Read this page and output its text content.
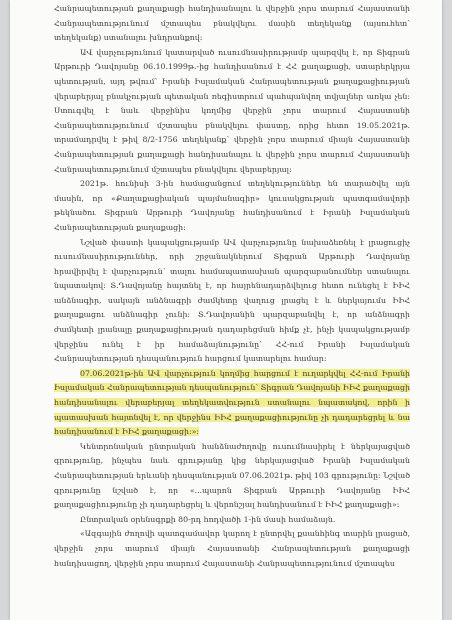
Հանրապետության քաղաքացի հանդիսանալու և վերջին չորս տարում Հայաստանի Հանրապետությունում մշտապես բնակվելու մասին տեղեկանք (այսուհետ՝ տեղեկանք) ստանալու խնդրանքով:

ԱՎ վարչությունում կատարված ուսումնասիրությամբ պարզվել է, որ Տիգրան Արթուրի Դավոյանը 06.10.1999թ.-ից հանդիսանում է ՀՀ քաղաքացի, ստարերկրյա պետության, այդ թվում՝ Իրանի Իսլամական Հանրապետության քաղաքացիության վերաբերյալ բնակչության պետական ռեգիստրում պահպանվող տվյալներ առկա չեն: Ստուգվել է նաև վերջինիս կողմից վերջին չորս տարում Հայաստանի Հանրապետությունում մշտապես բնակվելու փաստը, որից հետո 19.05.2021թ. տրամադրվել է թիվ 8/2-1756 տեղեկանք՝ վերջին չորս տարում միայն Հայաստանի Հանրապետության քաղաքացի հանդիսանալու և վերջին չորս տարում Հայաստանի Հանրապետությունում մշտապես բնակվելու վերաբերյալ:

2021թ. հունիսի 3-ին համացանցում տեղեկություններ են տարածվել այն մասին, որ «Քաղաքացիական պայմանագիր» կուսակցության պատգամավորի թեկնածու Տիգրան Արթուրի Դավոյանը հանդիսանում է Իրանի Իսլամական Հանրապետության քաղաքացի:

Նշված փաստի կապակցությամբ ԱՎ վարչությունը նախաձեռնել է լրացուցիչ ուսումնասիրություններ, որի շրջանակներում Տիգրան Արթուրի Դավոյանը հրավիրվել է վարչություն՝ տալու համապատասխան պարզաբանումներ ստանալու նպատակով: Տ.Դավոյանը հայտնել է, որ հայրենադարձվելուց հետո ունեցել է ԻԻՀ անձնագիր, սակայն անձնագրի ժամկետը վաղուց լրացել է և ներկայումս ԻԻՀ քաղաքացու անձնագիր չունի: Տ.Դավոյանին պարզաբանվել է, որ անձնագրի ժամկետի լրանալը քաղաքացիության դադարեցման հիմք չէ, ինչի կապակցությամբ վերջինս ունել է իր համաձայնությունը՝ ՀՀ-ում Իրանի Իսլամական Հանրապետության դեսպանություն հարցում կատարելու համար:

07.06.2021թ-ին ԱՎ վարչություն կողմից հարցում է ուղարկվել ՀՀ-ում Իրանի Իսլամական Հանրապետության դեսպանություն՝ Տիգրան Դավոյանի ԻԻՀ քաղաքացի հանդիսանալու վերաբերյալ տեղեկատվություն ստանալու նպատակով, որին ի պատասխան հայտնվել է, որ վերջինս ԻԻՀ քաղաքացիությունը չի դադարեցրել և նա հանդիսանում է ԻԻՀ քաղաքացի:»:

Կենտրոնական ընտրական հանձնաժողովը ուսումնասիրել է ներկայացված գրությունը, ինչպես նաև գրությանը կից ներկայացված Իրանի Իսլամական Հանրապետության երևանի դեսպանության 07.06.2021թ. թիվ 103 գրությունը: Նշված գրությունը նշված է, որ «...պարոն Տիգրան Արթուրի Դավոյանը ԻԻՀ քաղաքացիությունը չի դադարեցրել և վերոնշյալ հանդիսանում է ԻԻՀ քաղաքացի»:

Ընտրական օրենսգրքի 80-րդ հոդվածի 1-ին մասի համաձայն.

«Ազգային ժողովի պատգամավոր կարող է ընտրվել քսանհինգ տարին լրացած, վերջին չորս տարում միայն Հայաստանի Հանրապետության քաղաքացի հանդիսացող, վերջին չորս տարում Հայաստանի Հանրապետությունում մշտապես
